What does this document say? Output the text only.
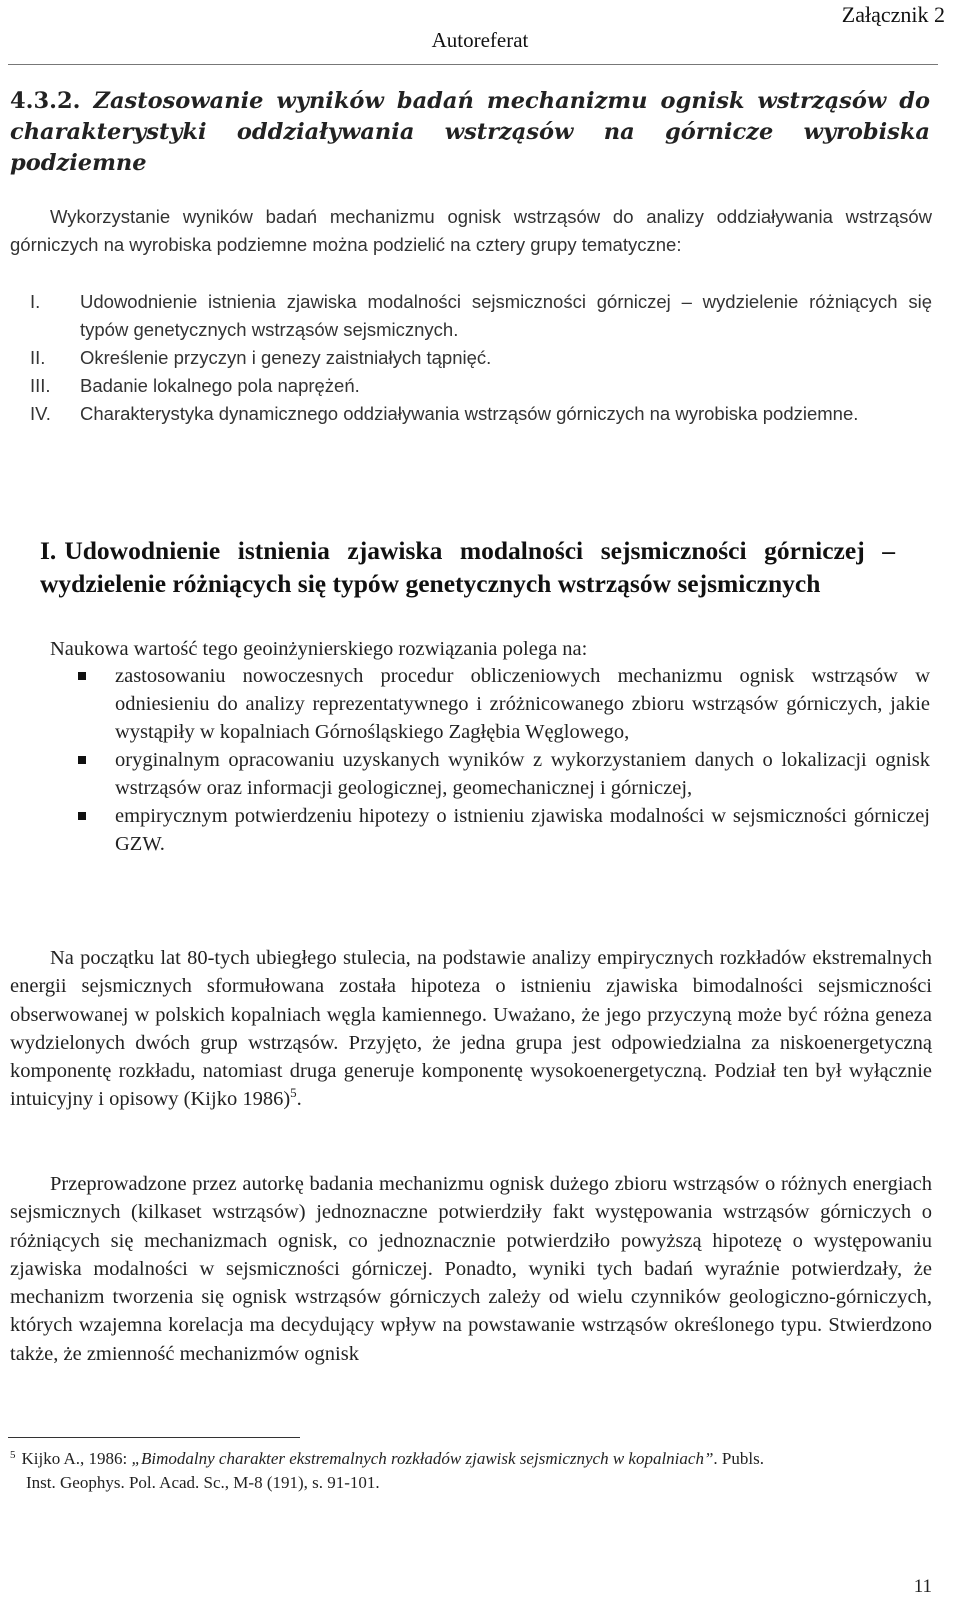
Załącznik 2
Autoreferat
4.3.2. Zastosowanie wyników badań mechanizmu ognisk wstrząsów do charakterystyki oddziaływania wstrząsów na górnicze wyrobiska podziemne
Wykorzystanie wyników badań mechanizmu ognisk wstrząsów do analizy oddziaływania wstrząsów górniczych na wyrobiska podziemne można podzielić na cztery grupy tematyczne:
I. Udowodnienie istnienia zjawiska modalności sejsmiczności górniczej – wydzielenie różniących się typów genetycznych wstrząsów sejsmicznych.
II. Określenie przyczyn i genezy zaistniałych tąpnięć.
III. Badanie lokalnego pola naprężeń.
IV. Charakterystyka dynamicznego oddziaływania wstrząsów górniczych na wyrobiska podziemne.
I. Udowodnienie istnienia zjawiska modalności sejsmiczności górniczej – wydzielenie różniących się typów genetycznych wstrząsów sejsmicznych
Naukowa wartość tego geoinżynierskiego rozwiązania polega na:
zastosowaniu nowoczesnych procedur obliczeniowych mechanizmu ognisk wstrząsów w odniesieniu do analizy reprezentatywnego i zróżnicowanego zbioru wstrząsów górniczych, jakie wystąpiły w kopalniach Górnośląskiego Zagłębia Węglowego,
oryginalnym opracowaniu uzyskanych wyników z wykorzystaniem danych o lokalizacji ognisk wstrząsów oraz informacji geologicznej, geomechanicznej i górniczej,
empirycznym potwierdzeniu hipotezy o istnieniu zjawiska modalności w sejsmiczności górniczej GZW.
Na początku lat 80-tych ubiegłego stulecia, na podstawie analizy empirycznych rozkładów ekstremalnych energii sejsmicznych sformułowana została hipoteza o istnieniu zjawiska bimodalności sejsmiczności obserwowanej w polskich kopalniach węgla kamiennego. Uważano, że jego przyczyną może być różna geneza wydzielonych dwóch grup wstrząsów. Przyjęto, że jedna grupa jest odpowiedzialna za niskoenergetyczną komponentę rozkładu, natomiast druga generuje komponentę wysokoenergetyczną. Podział ten był wyłącznie intuicyjny i opisowy (Kijko 1986)$^5$.
Przeprowadzone przez autorkę badania mechanizmu ognisk dużego zbioru wstrząsów o różnych energiach sejsmicznych (kilkaset wstrząsów) jednoznaczne potwierdziły fakt występowania wstrząsów górniczych o różniących się mechanizmach ognisk, co jednoznacznie potwierdziło powyższą hipotezę o występowaniu zjawiska modalności w sejsmiczności górniczej. Ponadto, wyniki tych badań wyraźnie potwierdzały, że mechanizm tworzenia się ognisk wstrząsów górniczych zależy od wielu czynników geologiczno-górniczych, których wzajemna korelacja ma decydujący wpływ na powstawanie wstrząsów określonego typu. Stwierdzono także, że zmienność mechanizmów ognisk
$^5$ Kijko A., 1986: „Bimodalny charakter ekstremalnych rozkładów zjawisk sejsmicznych w kopalniach”. Publs.
Inst. Geophys. Pol. Acad. Sc., M-8 (191), s. 91-101.
11
